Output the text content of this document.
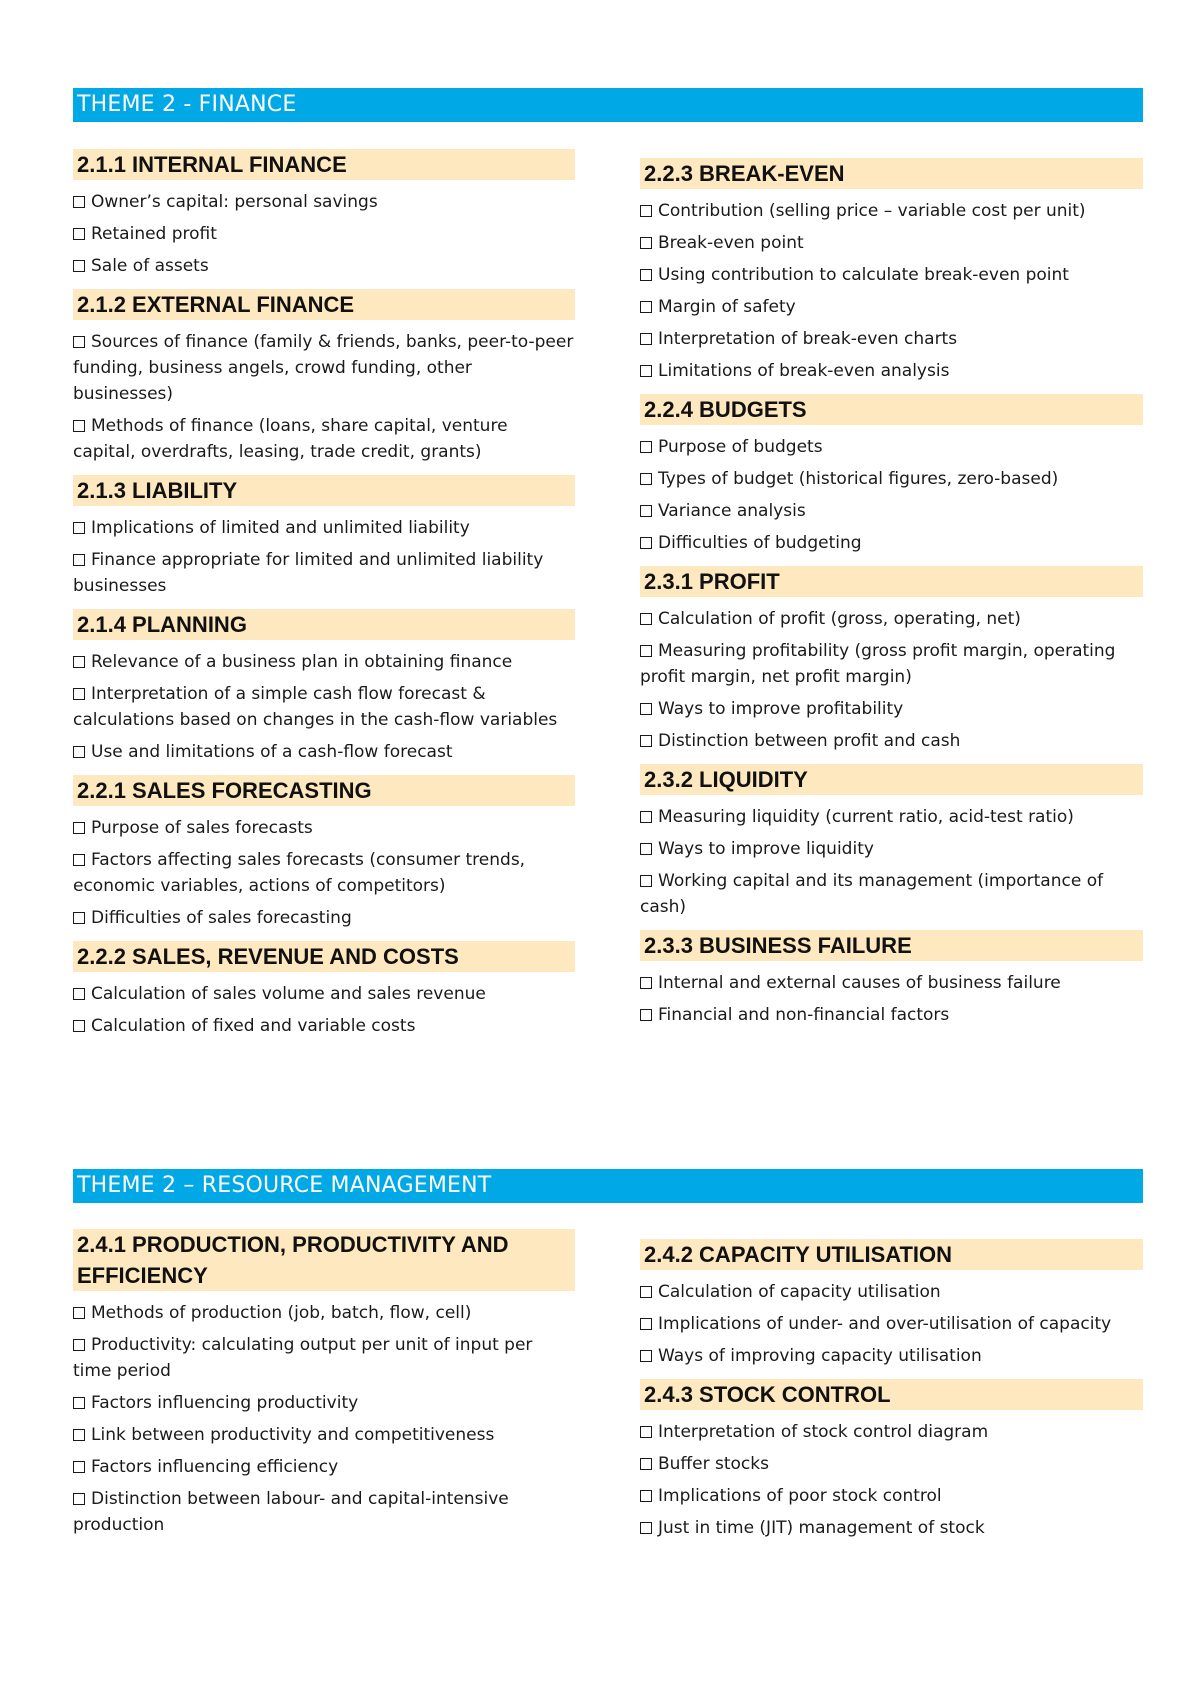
THEME 2 - FINANCE
2.1.1 INTERNAL FINANCE
Owner’s capital: personal savings
Retained profit
Sale of assets
2.1.2 EXTERNAL FINANCE
Sources of finance (family & friends, banks, peer-to-peer funding, business angels, crowd funding, other businesses)
Methods of finance (loans, share capital, venture capital, overdrafts, leasing, trade credit, grants)
2.1.3 LIABILITY
Implications of limited and unlimited liability
Finance appropriate for limited and unlimited liability businesses
2.1.4 PLANNING
Relevance of a business plan in obtaining finance
Interpretation of a simple cash flow forecast & calculations based on changes in the cash-flow variables
Use and limitations of a cash-flow forecast
2.2.1 SALES FORECASTING
Purpose of sales forecasts
Factors affecting sales forecasts (consumer trends, economic variables, actions of competitors)
Difficulties of sales forecasting
2.2.2 SALES, REVENUE AND COSTS
Calculation of sales volume and sales revenue
Calculation of fixed and variable costs
2.2.3 BREAK-EVEN
Contribution (selling price – variable cost per unit)
Break-even point
Using contribution to calculate break-even point
Margin of safety
Interpretation of break-even charts
Limitations of break-even analysis
2.2.4 BUDGETS
Purpose of budgets
Types of budget (historical figures, zero-based)
Variance analysis
Difficulties of budgeting
2.3.1 PROFIT
Calculation of profit (gross, operating, net)
Measuring profitability (gross profit margin, operating profit margin, net profit margin)
Ways to improve profitability
Distinction between profit and cash
2.3.2 LIQUIDITY
Measuring liquidity (current ratio, acid-test ratio)
Ways to improve liquidity
Working capital and its management (importance of cash)
2.3.3 BUSINESS FAILURE
Internal and external causes of business failure
Financial and non-financial factors
THEME 2 – RESOURCE MANAGEMENT
2.4.1 PRODUCTION, PRODUCTIVITY AND EFFICIENCY
Methods of production (job, batch, flow, cell)
Productivity: calculating output per unit of input per time period
Factors influencing productivity
Link between productivity and competitiveness
Factors influencing efficiency
Distinction between labour- and capital-intensive production
2.4.2 CAPACITY UTILISATION
Calculation of capacity utilisation
Implications of under- and over-utilisation of capacity
Ways of improving capacity utilisation
2.4.3 STOCK CONTROL
Interpretation of stock control diagram
Buffer stocks
Implications of poor stock control
Just in time (JIT) management of stock
